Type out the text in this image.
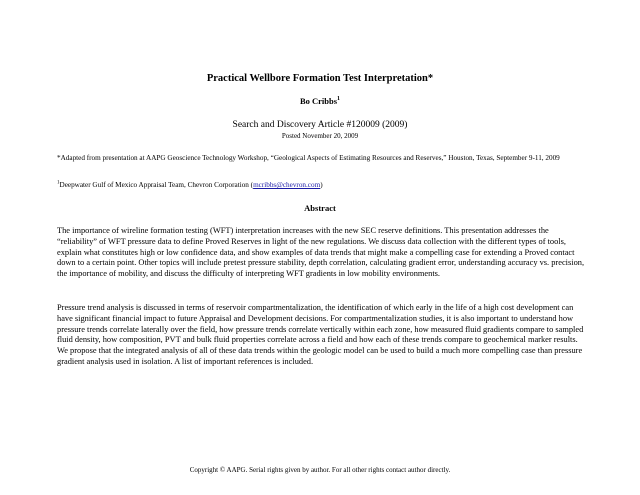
Practical Wellbore Formation Test Interpretation*
Bo Cribbs$^1$
Search and Discovery Article #120009 (2009)
Posted November 20, 2009
*Adapted from presentation at AAPG Geoscience Technology Workshop, “Geological Aspects of Estimating Resources and Reserves,” Houston, Texas, September 9-11, 2009
$^1$Deepwater Gulf of Mexico Appraisal Team, Chevron Corporation (mcribbs@chevron.com)
Abstract
The importance of wireline formation testing (WFT) interpretation increases with the new SEC reserve definitions. This presentation addresses the “reliability” of WFT pressure data to define Proved Reserves in light of the new regulations. We discuss data collection with the different types of tools, explain what constitutes high or low confidence data, and show examples of data trends that might make a compelling case for extending a Proved contact down to a certain point. Other topics will include pretest pressure stability, depth correlation, calculating gradient error, understanding accuracy vs. precision, the importance of mobility, and discuss the difficulty of interpreting WFT gradients in low mobility environments.
Pressure trend analysis is discussed in terms of reservoir compartmentalization, the identification of which early in the life of a high cost development can have significant financial impact to future Appraisal and Development decisions. For compartmentalization studies, it is also important to understand how pressure trends correlate laterally over the field, how pressure trends correlate vertically within each zone, how measured fluid gradients compare to sampled fluid density, how composition, PVT and bulk fluid properties correlate across a field and how each of these trends compare to geochemical marker results. We propose that the integrated analysis of all of these data trends within the geologic model can be used to build a much more compelling case than pressure gradient analysis used in isolation. A list of important references is included.
Copyright © AAPG. Serial rights given by author. For all other rights contact author directly.
